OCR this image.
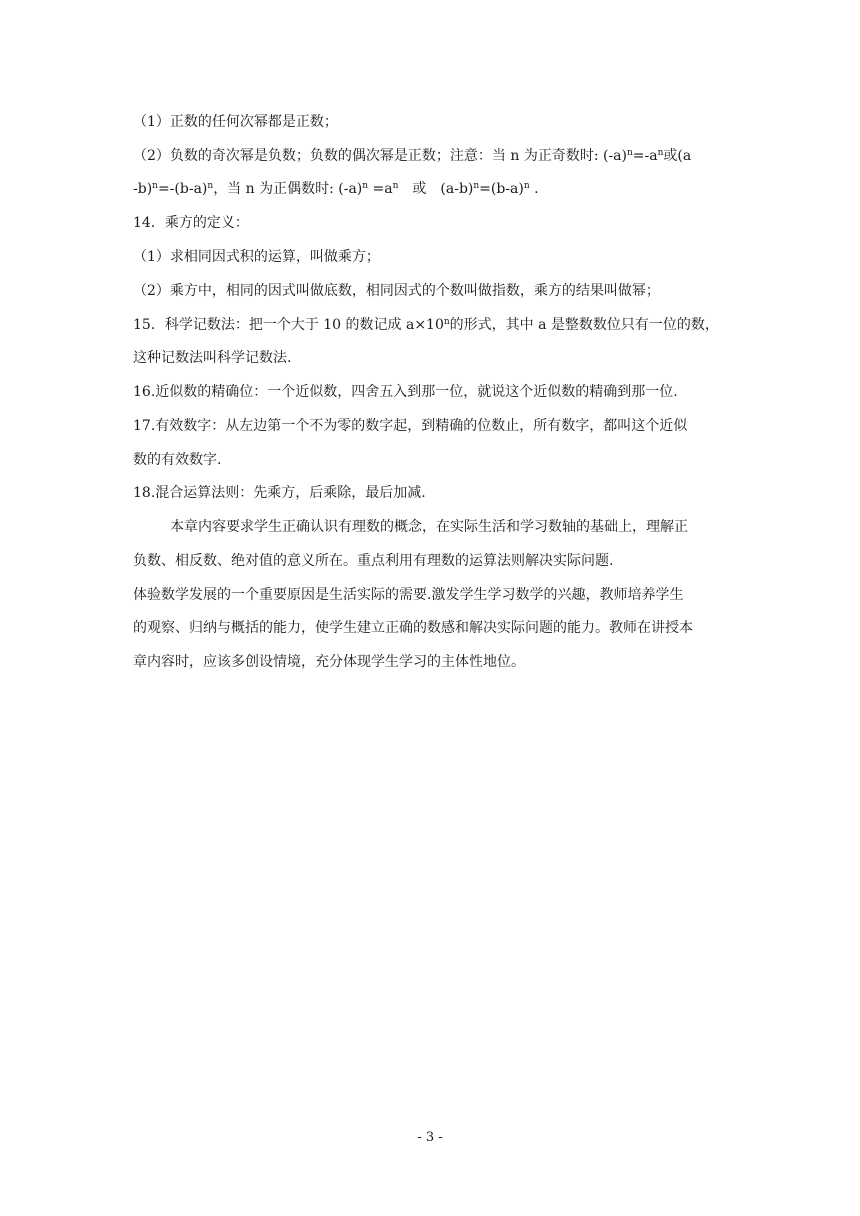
（1）正数的任何次幂都是正数；
（2）负数的奇次幂是负数；负数的偶次幂是正数；注意：当 n 为正奇数时: $(-a)^n=-a^n$或(a
$-b)^n=-(b-a)^n$，当 n 为正偶数时: $(-a)^n =a^n$　或　$(a-b)^n=(b-a)^n$ .
14．乘方的定义：
（1）求相同因式积的运算，叫做乘方；
（2）乘方中，相同的因式叫做底数，相同因式的个数叫做指数，乘方的结果叫做幂；
15．科学记数法：把一个大于 10 的数记成 $a\times 10^n$的形式，其中 a 是整数数位只有一位的数，
这种记数法叫科学记数法.
16.近似数的精确位：一个近似数，四舍五入到那一位，就说这个近似数的精确到那一位.
17.有效数字：从左边第一个不为零的数字起，到精确的位数止，所有数字，都叫这个近似
数的有效数字.
18.混合运算法则：先乘方，后乘除，最后加减.
本章内容要求学生正确认识有理数的概念，在实际生活和学习数轴的基础上，理解正
负数、相反数、绝对值的意义所在。重点利用有理数的运算法则解决实际问题.
体验数学发展的一个重要原因是生活实际的需要.激发学生学习数学的兴趣，教师培养学生
的观察、归纳与概括的能力，使学生建立正确的数感和解决实际问题的能力。教师在讲授本
章内容时，应该多创设情境，充分体现学生学习的主体性地位。
- 3 -
